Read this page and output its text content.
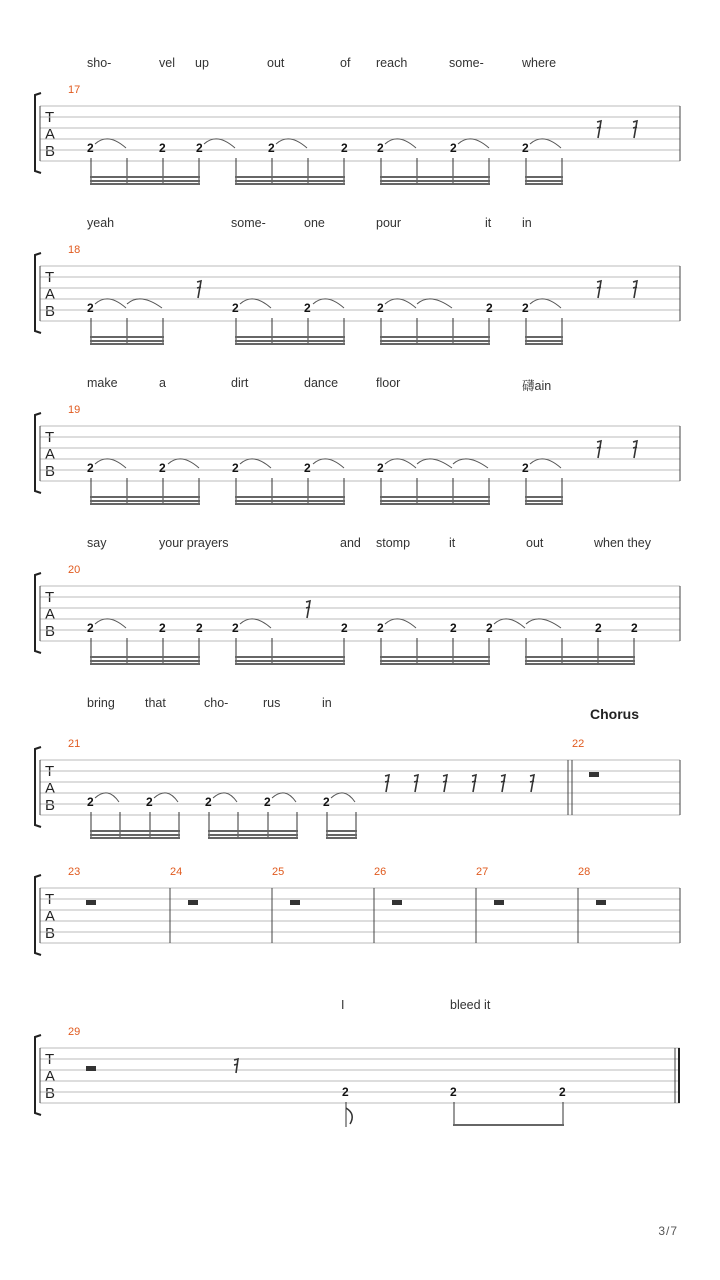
sho-	vel up	out	of reach	some-	where
17
T
A
B	2	2	2	2	2 2	2	2
yeah	some-	one	pour	it in
18
T
A
B	2	2	2	2	2 2
make	a	dirt	dance	floor	礴ain
19
T
A
B	2	2	2	2	2	2
say	your prayers	and stomp	it	out	when they
20
T
A
B	2	2	2 2	2 2	2 2	2 2
bring that	cho-	rus	in
Chorus
21	22
T
A
B	2	2	2	2	2
23	24	25	26	27	28
T
A
B
I	bleed it
29
T
A
B	2	2	2
3/7
